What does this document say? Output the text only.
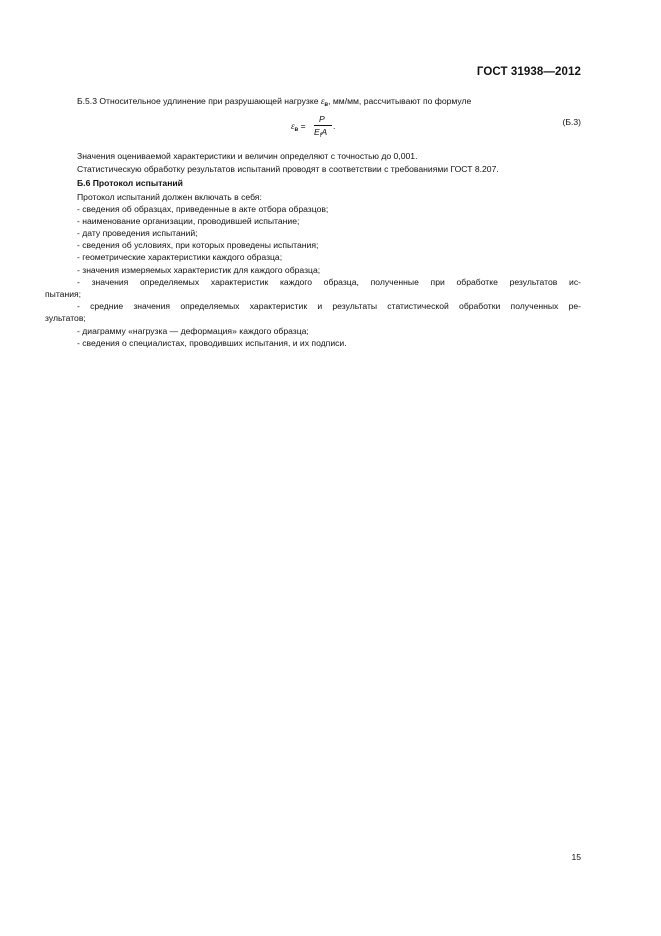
ГОСТ 31938—2012
Б.5.3 Относительное удлинение при разрушающей нагрузке $\varepsilon_в$, мм/мм, рассчитывают по формуле
$\varepsilon_в$ =
P
$E_fA$
.	(Б.3)
Значения оцениваемой характеристики и величин определяют с точностью до 0,001.
Статистическую обработку результатов испытаний проводят в соответствии с требованиями ГОСТ 8.207.
Б.6 Протокол испытаний
Протокол испытаний должен включать в себя:
- сведения об образцах, приведенные в акте отбора образцов;
- наименование организации, проводившей испытание;
- дату проведения испытаний;
- сведения об условиях, при которых проведены испытания;
- геометрические характеристики каждого образца;
- значения измеряемых характеристик для каждого образца;
- значения определяемых характеристик каждого образца, полученные при обработке результатов ис-
пытания;
- средние значения определяемых характеристик и результаты статистической обработки полученных ре-
зультатов;
- диаграмму «нагрузка — деформация» каждого образца;
- сведения о специалистах, проводивших испытания, и их подписи.
15
